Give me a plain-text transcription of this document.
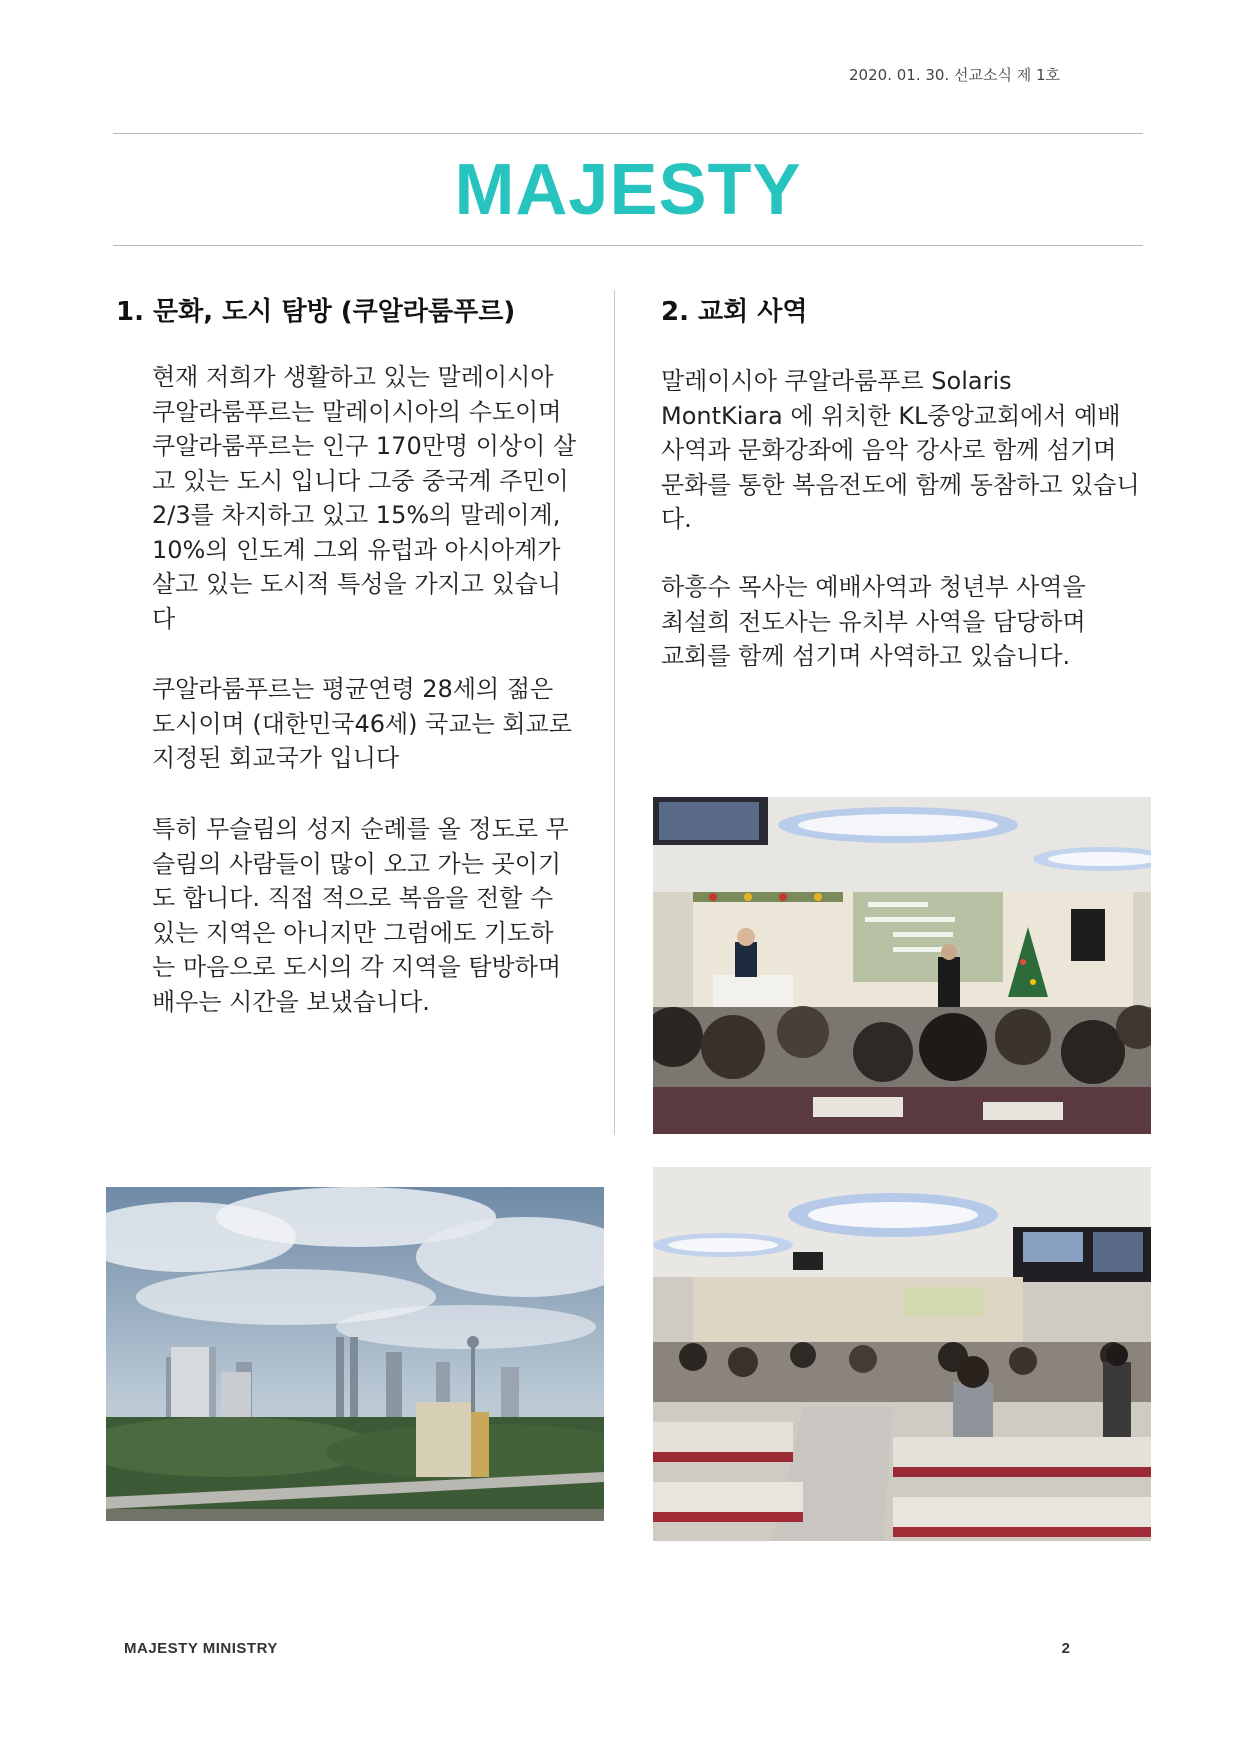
2020. 01. 30. 선교소식 제 1호
MAJESTY
1. 문화, 도시 탐방 (쿠알라룸푸르)
현재 저희가 생활하고 있는 말레이시아
쿠알라룸푸르는 말레이시아의 수도이며
쿠알라룸푸르는 인구 170만명 이상이 살
고 있는 도시 입니다 그중 중국계 주민이
2/3를 차지하고 있고 15%의 말레이계,
10%의 인도계 그외 유럽과 아시아계가
살고 있는 도시적 특성을 가지고 있습니
다
쿠알라룸푸르는 평균연령 28세의 젊은
도시이며 (대한민국46세) 국교는 회교로
지정된 회교국가 입니다
특히 무슬림의 성지 순례를 올 정도로 무
슬림의 사람들이 많이 오고 가는 곳이기
도 합니다. 직접 적으로 복음을 전할 수
있는 지역은 아니지만 그럼에도 기도하
는 마음으로 도시의 각 지역을 탐방하며
배우는 시간을 보냈습니다.
2. 교회 사역
말레이시아 쿠알라룸푸르 Solaris
MontKiara 에 위치한 KL중앙교회에서 예배
사역과 문화강좌에 음악 강사로 함께 섬기며
문화를 통한 복음전도에 함께 동참하고 있습니
다.
하흥수 목사는 예배사역과 청년부 사역을
최설희 전도사는 유치부 사역을 담당하며
교회를 함께 섬기며 사역하고 있습니다.
MAJESTY MINISTRY	2
